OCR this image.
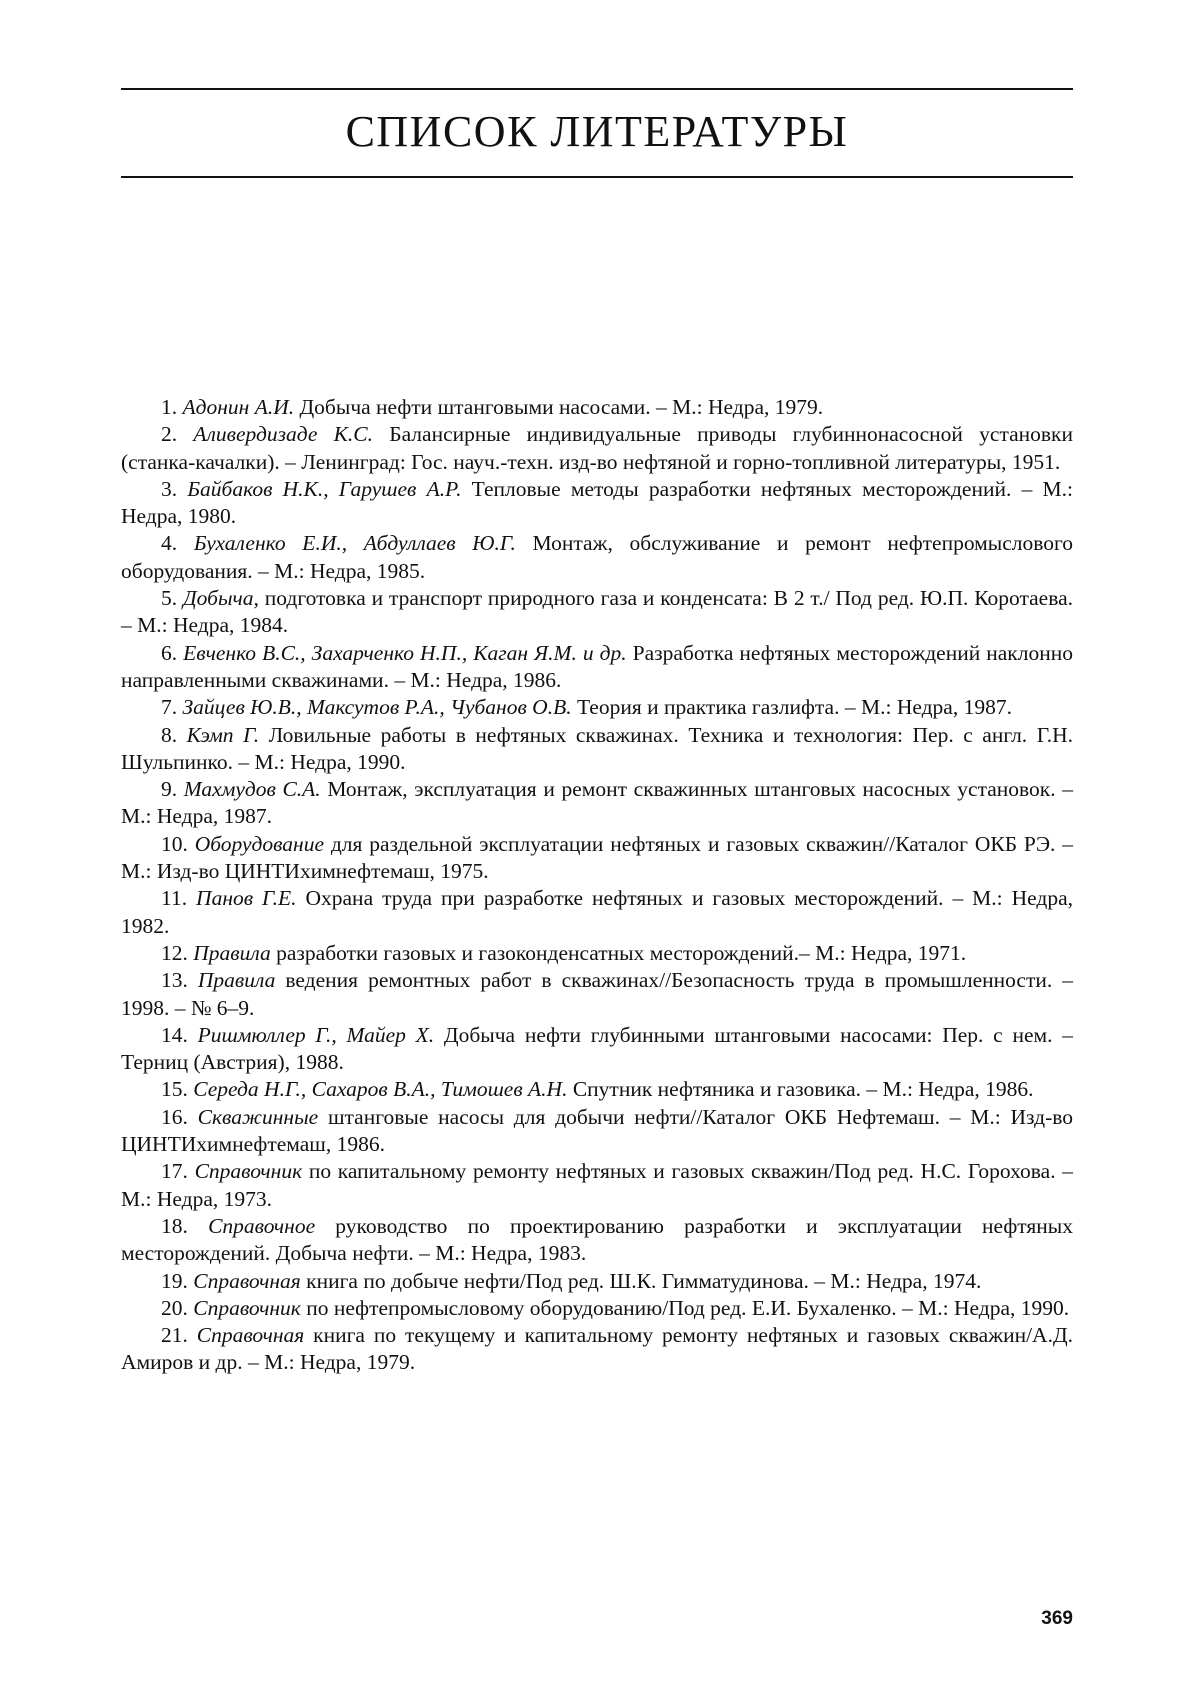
СПИСОК ЛИТЕРАТУРЫ

1. Адонин А.И. Добыча нефти штанговыми насосами. – М.: Недра, 1979.

2. Аливердизаде К.С. Балансирные индивидуальные приводы глубиннонасосной установки (станка-качалки). – Ленинград: Гос. науч.-техн. изд-во нефтяной и горно-топливной литературы, 1951.

3. Байбаков Н.К., Гарушев А.Р. Тепловые методы разработки нефтяных месторождений. – М.: Недра, 1980.

4. Бухаленко Е.И., Абдуллаев Ю.Г. Монтаж, обслуживание и ремонт нефтепромыслового оборудования. – М.: Недра, 1985.

5. Добыча, подготовка и транспорт природного газа и конденсата: В 2 т./ Под ред. Ю.П. Коротаева. – М.: Недра, 1984.

6. Евченко В.С., Захарченко Н.П., Каган Я.М. и др. Разработка нефтяных месторождений наклонно направленными скважинами. – М.: Недра, 1986.

7. Зайцев Ю.В., Максутов Р.А., Чубанов О.В. Теория и практика газлифта. – М.: Недра, 1987.

8. Кэмп Г. Ловильные работы в нефтяных скважинах. Техника и технология: Пер. с англ. Г.Н. Шульпинко. – М.: Недра, 1990.

9. Махмудов С.А. Монтаж, эксплуатация и ремонт скважинных штанговых насосных установок. – М.: Недра, 1987.

10. Оборудование для раздельной эксплуатации нефтяных и газовых скважин//Каталог ОКБ РЭ. – М.: Изд-во ЦИНТИхимнефтемаш, 1975.

11. Панов Г.Е. Охрана труда при разработке нефтяных и газовых месторождений. – М.: Недра, 1982.

12. Правила разработки газовых и газоконденсатных месторождений.– М.: Недра, 1971.

13. Правила ведения ремонтных работ в скважинах//Безопасность труда в промышленности. – 1998. – № 6–9.

14. Ришмюллер Г., Майер Х. Добыча нефти глубинными штанговыми насосами: Пер. с нем. – Терниц (Австрия), 1988.

15. Середа Н.Г., Сахаров В.А., Тимошев А.Н. Спутник нефтяника и газовика. – М.: Недра, 1986.

16. Скважинные штанговые насосы для добычи нефти//Каталог ОКБ Нефтемаш. – М.: Изд-во ЦИНТИхимнефтемаш, 1986.

17. Справочник по капитальному ремонту нефтяных и газовых скважин/Под ред. Н.С. Горохова. – М.: Недра, 1973.

18. Справочное руководство по проектированию разработки и эксплуатации нефтяных месторождений. Добыча нефти. – М.: Недра, 1983.

19. Справочная книга по добыче нефти/Под ред. Ш.К. Гимматудинова. – М.: Недра, 1974.

20. Справочник по нефтепромысловому оборудованию/Под ред. Е.И. Бухаленко. – М.: Недра, 1990.

21. Справочная книга по текущему и капитальному ремонту нефтяных и газовых скважин/А.Д. Амиров и др. – М.: Недра, 1979.

369
